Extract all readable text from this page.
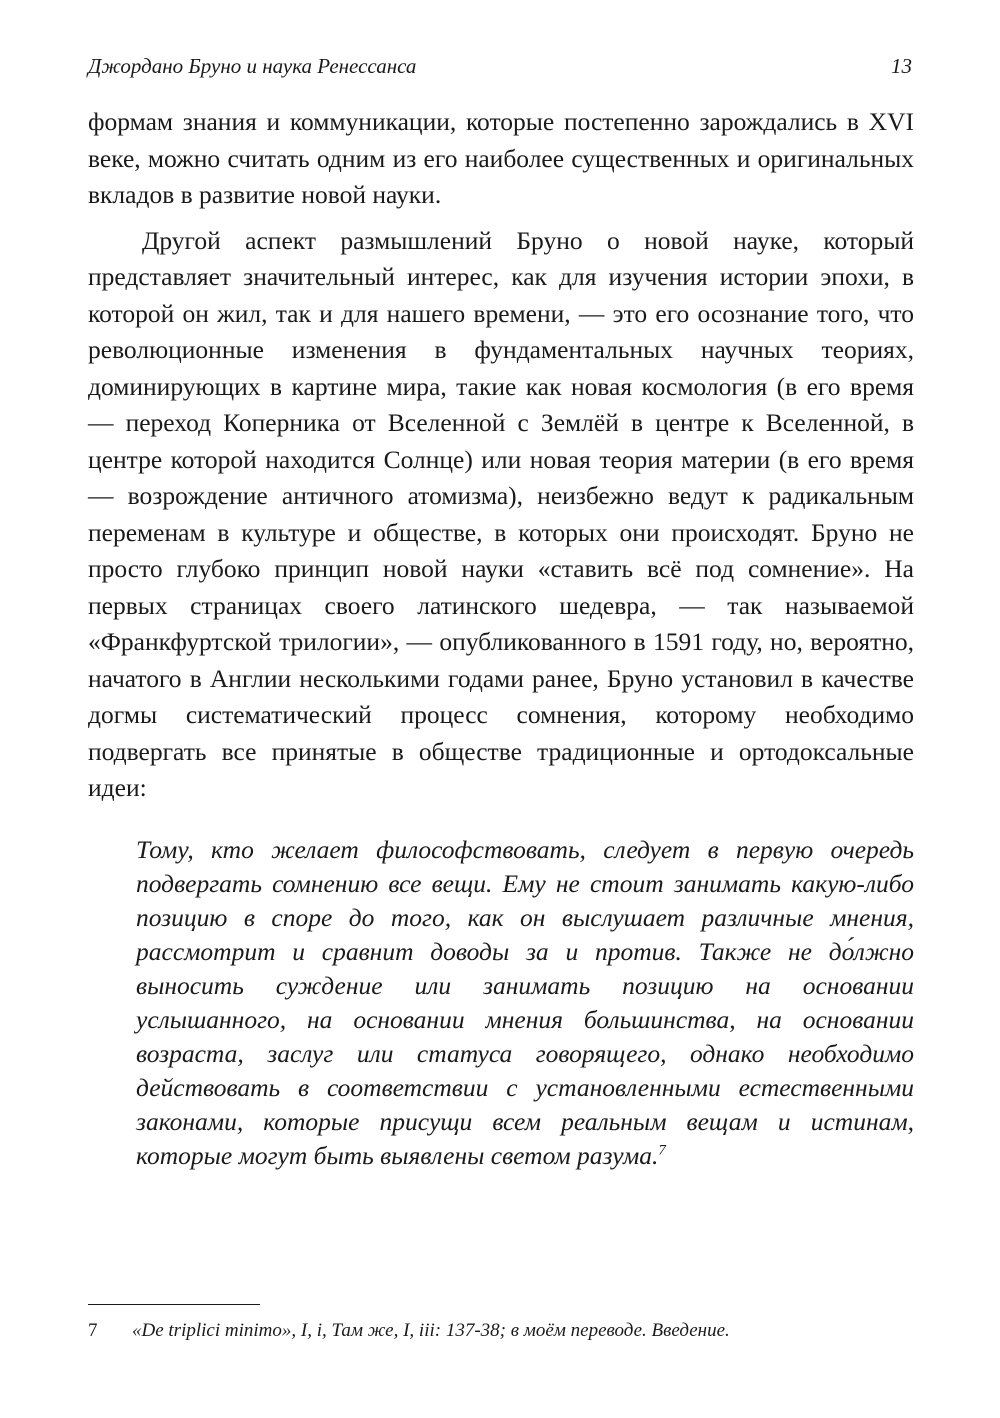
Джордано Бруно и наука Ренессанса	13

формам знания и коммуникации, которые постепенно зарождались в XVI веке, можно считать одним из его наиболее существенных и оригинальных вкладов в развитие новой науки.

Другой аспект размышлений Бруно о новой науке, который представляет значительный интерес, как для изучения истории эпохи, в которой он жил, так и для нашего времени, — это его осознание того, что революционные изменения в фундаментальных научных теориях, доминирующих в картине мира, такие как новая космология (в его время — переход Коперника от Вселенной с Землёй в центре к Вселенной, в центре которой находится Солнце) или новая теория материи (в его время — возрождение античного атомизма), неизбежно ведут к радикальным переменам в культуре и обществе, в которых они происходят. Бруно не просто глубоко принцип новой науки «ставить всё под сомнение». На первых страницах своего латинского шедевра, — так называемой «Франкфуртской трилогии», — опубликованного в 1591 году, но, вероятно, начатого в Англии несколькими годами ранее, Бруно установил в качестве догмы систематический процесс сомнения, которому необходимо подвергать все принятые в обществе традиционные и ортодоксальные идеи:

Тому, кто желает философствовать, следует в первую очередь подвергать сомнению все вещи. Ему не стоит занимать какую-либо позицию в споре до того, как он выслушает различные мнения, рассмотрит и сравнит доводы за и против. Также не до́лжно выносить суждение или занимать позицию на основании услышанного, на основании мнения большинства, на основании возраста, заслуг или статуса говорящего, однако необходимо действовать в соответствии с установленными естественными законами, которые присущи всем реальным вещам и истинам, которые могут быть выявлены светом разума.$^7$
7 «De triplici minimo», I, i, Там же, I, iii: 137-38; в моём переводе. Введение.
